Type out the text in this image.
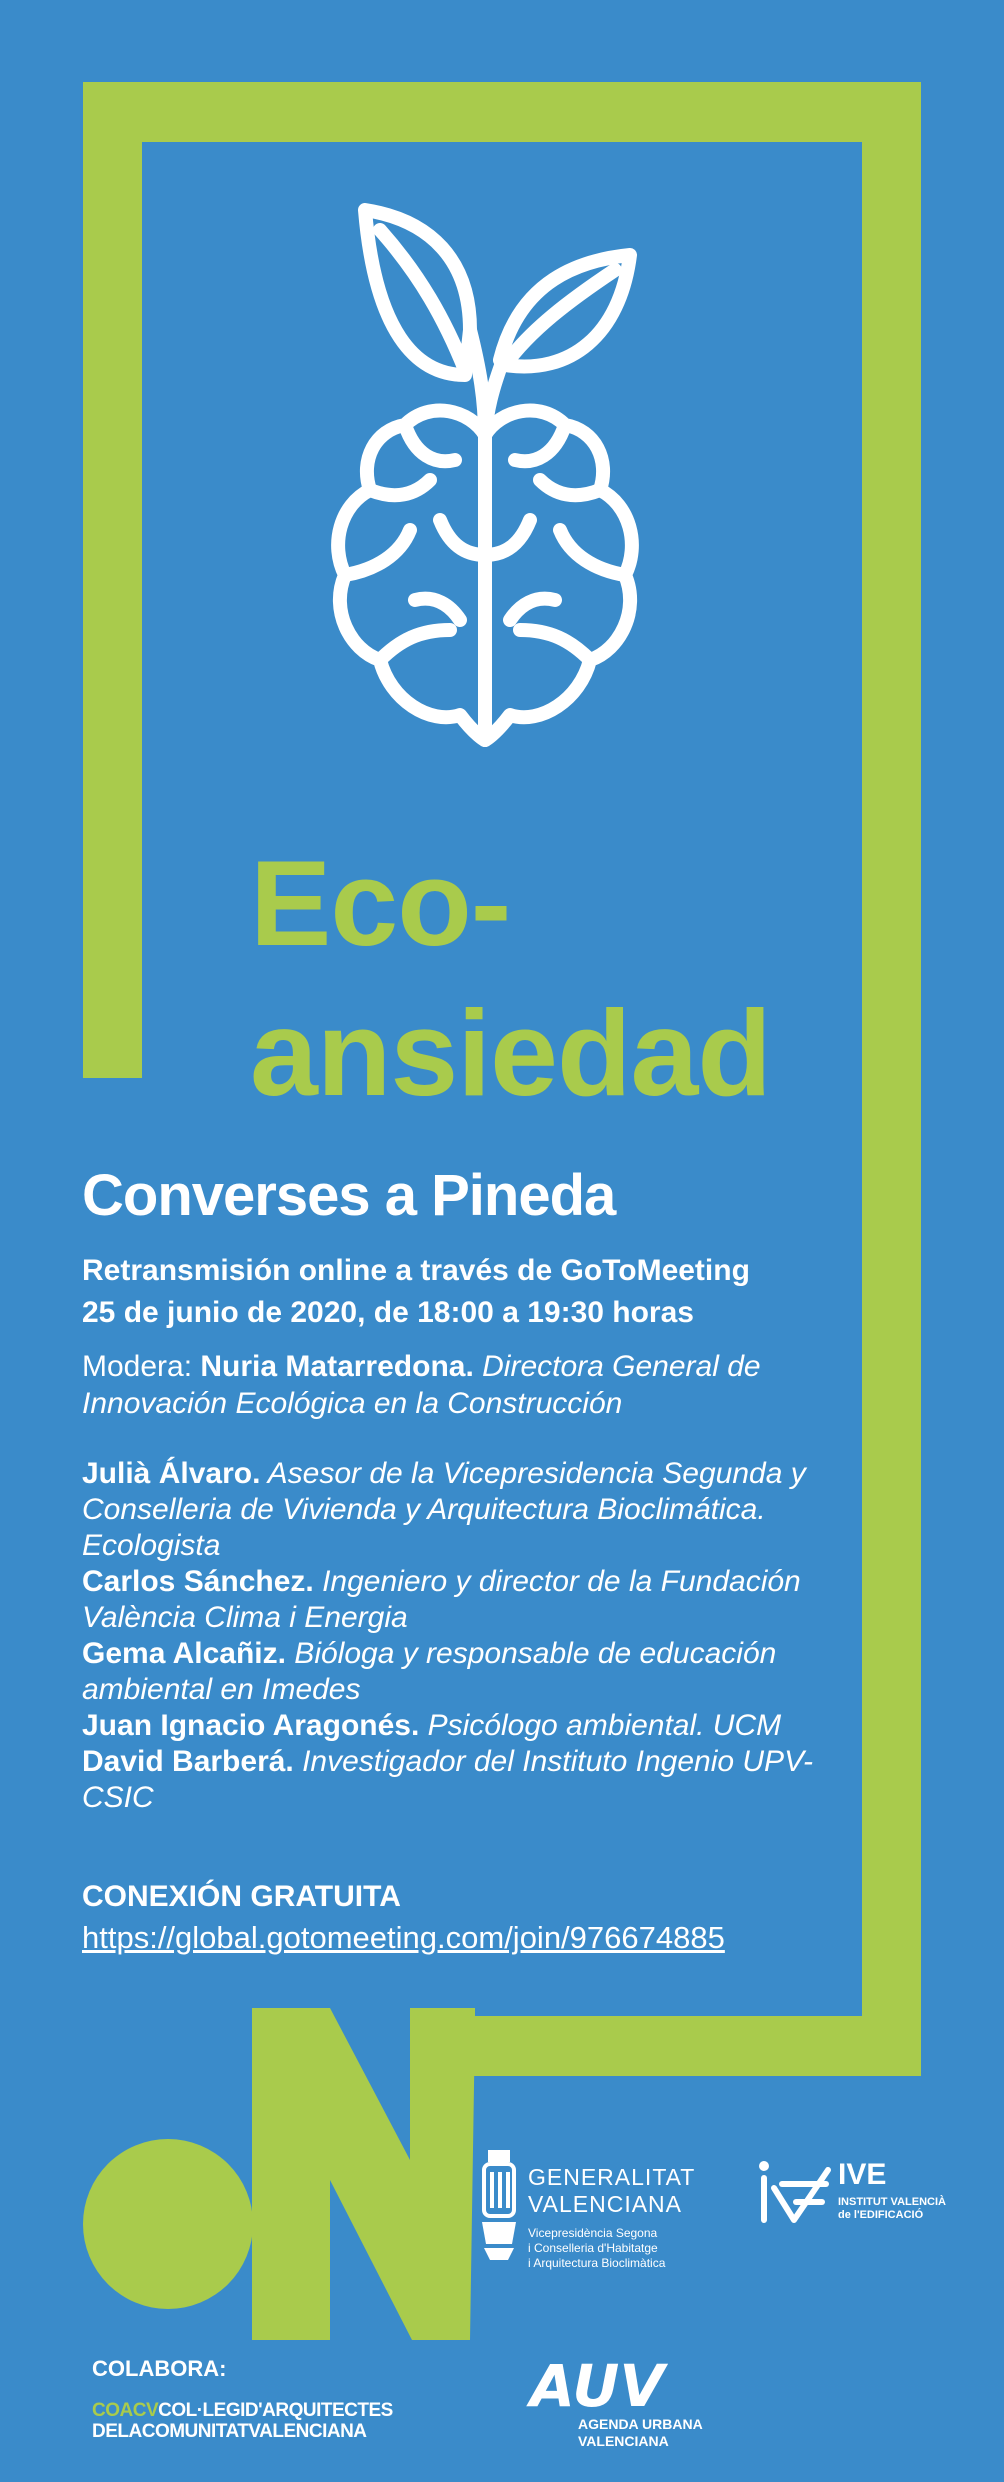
Eco-
ansiedad
Converses a Pineda
Retransmisión online a través de GoToMeeting
25 de junio de 2020, de 18:00 a 19:30 horas
Modera: Nuria Matarredona. Directora General de Innovación Ecológica en la Construcción

Julià Álvaro. Asesor de la Vicepresidencia Segunda y Conselleria de Vivienda y Arquitectura Bioclimática. Ecologista

Carlos Sánchez. Ingeniero y director de la Fundación València Clima i Energia

Gema Alcañiz. Bióloga y responsable de educación ambiental en Imedes

Juan Ignacio Aragonés. Psicólogo ambiental. UCM

David Barberá. Investigador del Instituto Ingenio UPV-CSIC

CONEXIÓN GRATUITA
https://global.gotomeeting.com/join/976674885
GENERALITAT
VALENCIANA
Vicepresidència Segona
i Conselleria d'Habitatge
i Arquitectura Bioclimàtica
IVE
INSTITUT VALENCIÀ
de l'EDIFICACIÓ
COLABORA:
COACVCOL·LEGID'ARQUITECTES
DELACOMUNITATVALENCIANA
AUV
AGENDA URBANA
VALENCIANA
